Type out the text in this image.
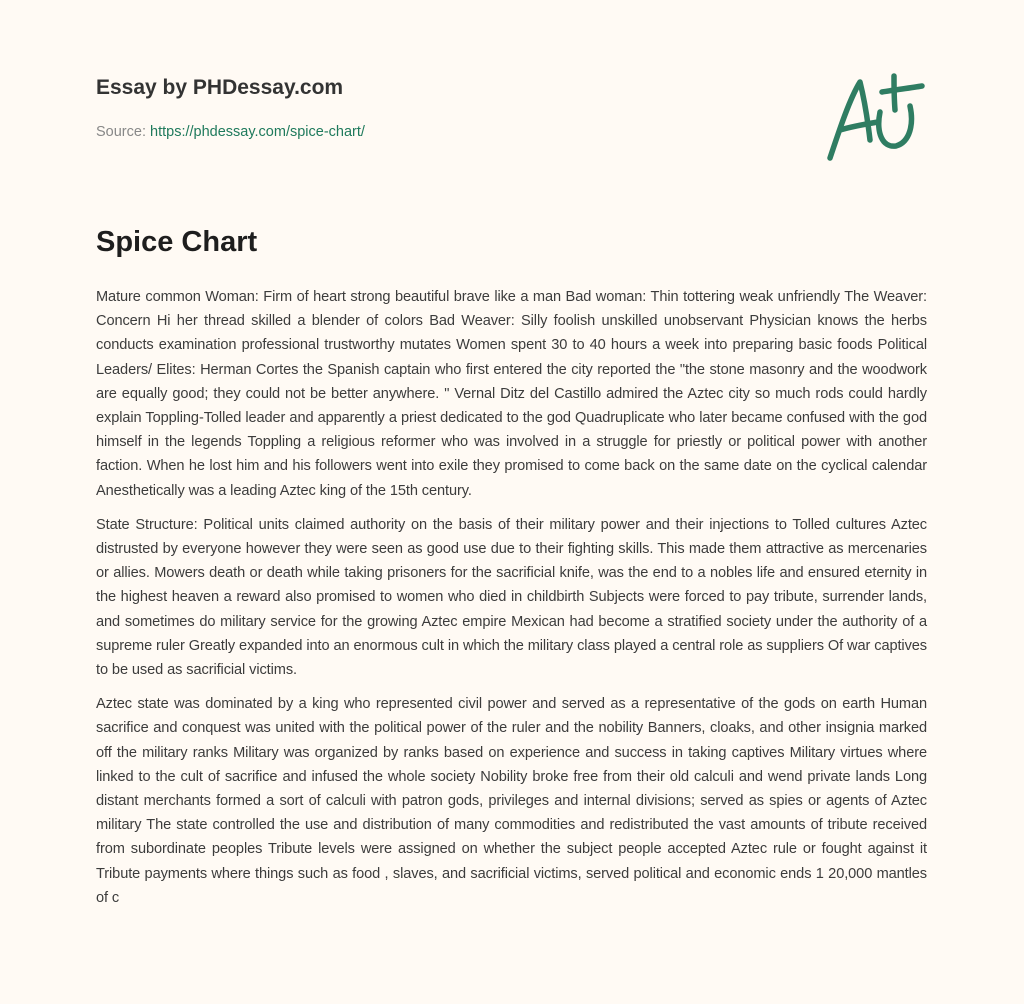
Essay by PHDessay.com
Source: https://phdessay.com/spice-chart/
Spice Chart

Mature common Woman: Firm of heart strong beautiful brave like a man Bad woman: Thin tottering weak unfriendly The Weaver: Concern Hi her thread skilled a blender of colors Bad Weaver: Silly foolish unskilled unobservant Physician knows the herbs conducts examination professional trustworthy mutates Women spent 30 to 40 hours a week into preparing basic foods Political Leaders/ Elites: Herman Cortes the Spanish captain who first entered the city reported the "the stone masonry and the woodwork are equally good; they could not be better anywhere. " Vernal Ditz del Castillo admired the Aztec city so much rods could hardly explain Toppling-Tolled leader and apparently a priest dedicated to the god Quadruplicate who later became confused with the god himself in the legends Toppling a religious reformer who was involved in a struggle for priestly or political power with another faction. When he lost him and his followers went into exile they promised to come back on the same date on the cyclical calendar Anesthetically was a leading Aztec king of the 15th century.

State Structure: Political units claimed authority on the basis of their military power and their injections to Tolled cultures Aztec distrusted by everyone however they were seen as good use due to their fighting skills. This made them attractive as mercenaries or allies. Mowers death or death while taking prisoners for the sacrificial knife, was the end to a nobles life and ensured eternity in the highest heaven a reward also promised to women who died in childbirth Subjects were forced to pay tribute, surrender lands, and sometimes do military service for the growing Aztec empire Mexican had become a stratified society under the authority of a supreme ruler Greatly expanded into an enormous cult in which the military class played a central role as suppliers Of war captives to be used as sacrificial victims.

Aztec state was dominated by a king who represented civil power and served as a representative of the gods on earth Human sacrifice and conquest was united with the political power of the ruler and the nobility Banners, cloaks, and other insignia marked off the military ranks Military was organized by ranks based on experience and success in taking captives Military virtues where linked to the cult of sacrifice and infused the whole society Nobility broke free from their old calculi and wend private lands Long distant merchants formed a sort of calculi with patron gods, privileges and internal divisions; served as spies or agents of Aztec military The state controlled the use and distribution of many commodities and redistributed the vast amounts of tribute received from subordinate peoples Tribute levels were assigned on whether the subject people accepted Aztec rule or fought against it Tribute payments where things such as food , slaves, and sacrificial victims, served political and economic ends 1 20,000 mantles of c
